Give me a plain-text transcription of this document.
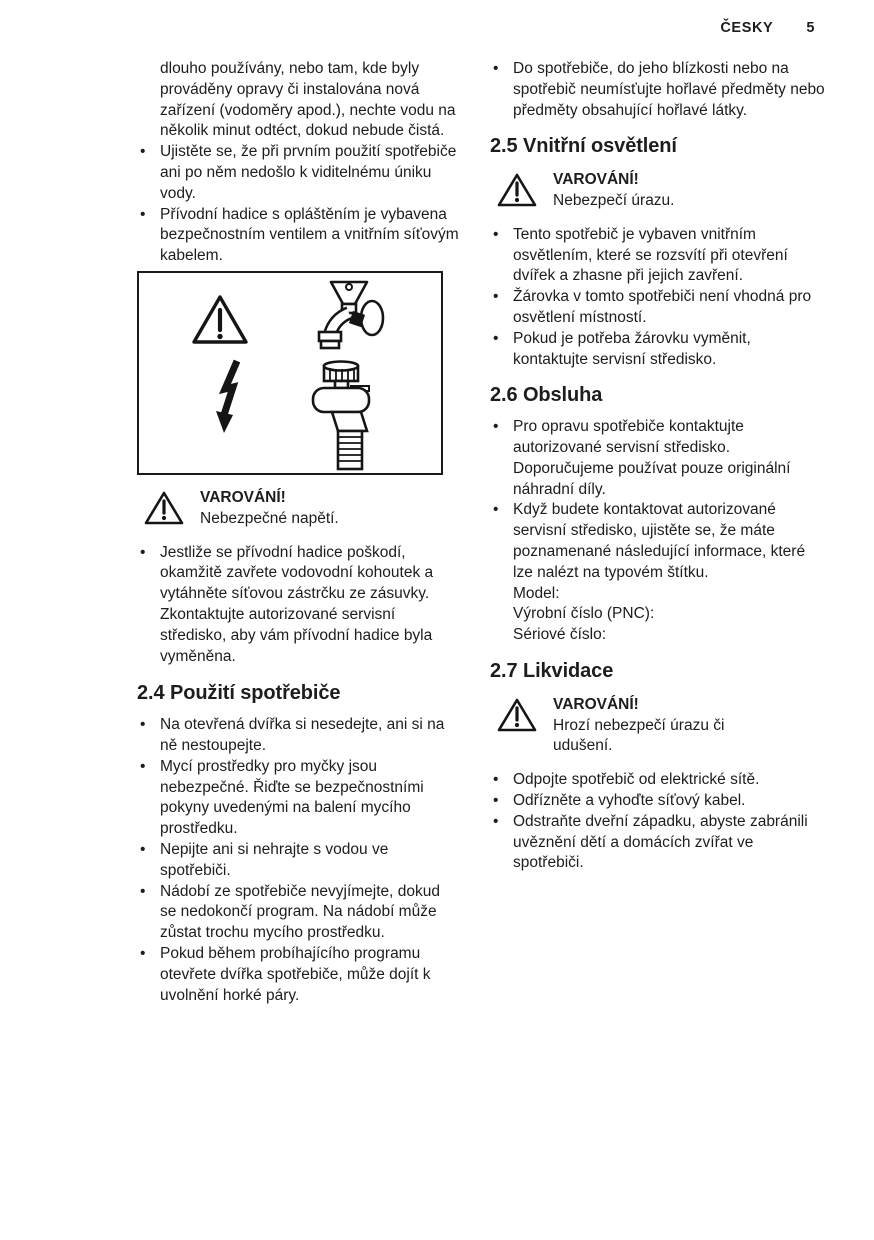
ČESKY 5

dlouho používány, nebo tam, kde byly prováděny opravy či instalována nová zařízení (vodoměry apod.), nechte vodu na několik minut odtéct, dokud nebude čistá.

• Ujistěte se, že při prvním použití spotřebiče ani po něm nedošlo k viditelnému úniku vody.
• Přívodní hadice s opláštěním je vybavena bezpečnostním ventilem a vnitřním síťovým kabelem.
VAROVÁNÍ!
Nebezpečné napětí.
• Jestliže se přívodní hadice poškodí, okamžitě zavřete vodovodní kohoutek a vytáhněte síťovou zástrčku ze zásuvky. Zkontaktujte autorizované servisní středisko, aby vám přívodní hadice byla vyměněna.
2.4 Použití spotřebiče
• Na otevřená dvířka si nesedejte, ani si na ně nestoupejte.
• Mycí prostředky pro myčky jsou nebezpečné. Řiďte se bezpečnostními pokyny uvedenými na balení mycího prostředku.
• Nepijte ani si nehrajte s vodou ve spotřebiči.
• Nádobí ze spotřebiče nevyjímejte, dokud se nedokončí program. Na nádobí může zůstat trochu mycího prostředku.
• Pokud během probíhajícího programu otevřete dvířka spotřebiče, může dojít k uvolnění horké páry.
• Do spotřebiče, do jeho blízkosti nebo na spotřebič neumísťujte hořlavé předměty nebo předměty obsahující hořlavé látky.
2.5 Vnitřní osvětlení
VAROVÁNÍ!
Nebezpečí úrazu.
• Tento spotřebič je vybaven vnitřním osvětlením, které se rozsvítí při otevření dvířek a zhasne při jejich zavření.
• Žárovka v tomto spotřebiči není vhodná pro osvětlení místností.
• Pokud je potřeba žárovku vyměnit, kontaktujte servisní středisko.
2.6 Obsluha
• Pro opravu spotřebiče kontaktujte autorizované servisní středisko. Doporučujeme používat pouze originální náhradní díly.
• Když budete kontaktovat autorizované servisní středisko, ujistěte se, že máte poznamenané následující informace, které lze nalézt na typovém štítku.
Model:
Výrobní číslo (PNC):
Sériové číslo:
2.7 Likvidace
VAROVÁNÍ!
Hrozí nebezpečí úrazu či udušení.
• Odpojte spotřebič od elektrické sítě.
• Odřízněte a vyhoďte síťový kabel.
• Odstraňte dveřní západku, abyste zabránili uvěznění dětí a domácích zvířat ve spotřebiči.
